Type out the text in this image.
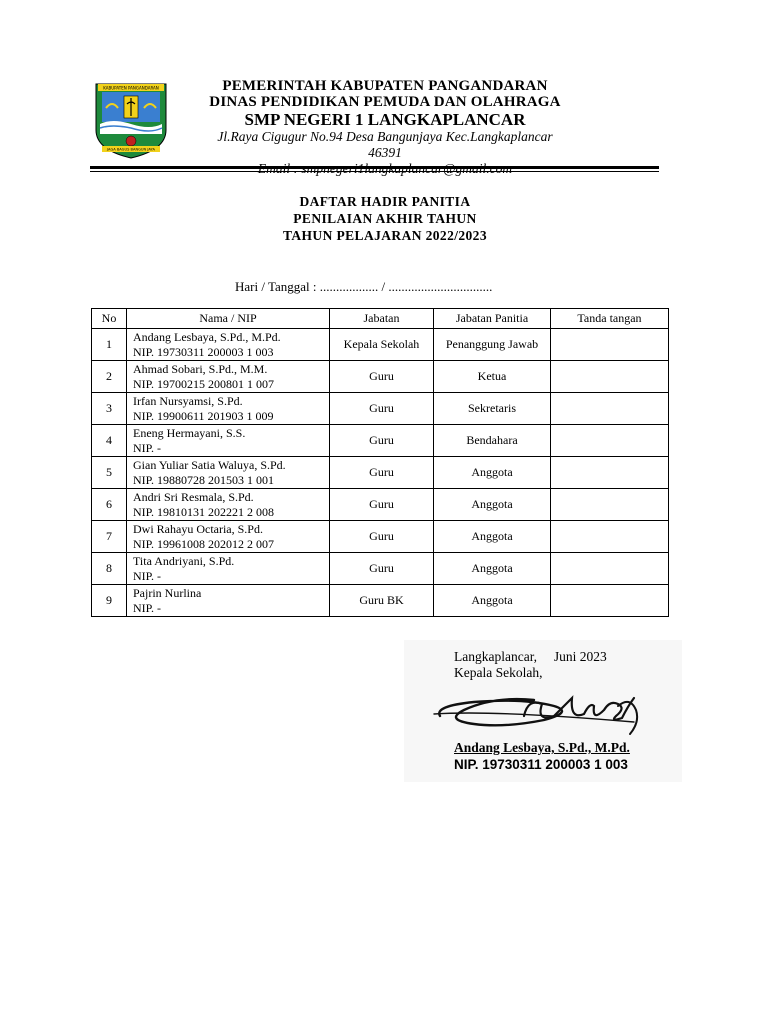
KABUPATEN PANGANDARAN
JAGA BAGUS BANGUN JAYA
PEMERINTAH KABUPATEN PANGANDARAN
DINAS PENDIDIKAN PEMUDA DAN OLAHRAGA
SMP NEGERI 1 LANGKAPLANCAR
Jl.Raya Cigugur No.94 Desa Bangunjaya Kec.Langkaplancar 46391
DAFTAR HADIR PANITIA
PENILAIAN AKHIR TAHUN
TAHUN PELAJARAN 2022/2023
Hari / Tanggal : .................. / ................................
No	Nama / NIP	Jabatan	Jabatan Panitia	Tanda tangan
1	Andang Lesbaya, S.Pd., M.Pd.
NIP. 19730311 200003 1 003	Kepala Sekolah	Penanggung Jawab	
2	Ahmad Sobari, S.Pd., M.M.
NIP. 19700215 200801 1 007	Guru	Ketua	
3	Irfan Nursyamsi, S.Pd.
NIP. 19900611 201903 1 009	Guru	Sekretaris	
4	Eneng Hermayani, S.S.
NIP. -	Guru	Bendahara	
5	Gian Yuliar Satia Waluya, S.Pd.
NIP. 19880728 201503 1 001	Guru	Anggota	
6	Andri Sri Resmala, S.Pd.
NIP. 19810131 202221 2 008	Guru	Anggota	
7	Dwi Rahayu Octaria, S.Pd.
NIP. 19961008 202012 2 007	Guru	Anggota	
8	Tita Andriyani, S.Pd.
NIP. -	Guru	Anggota	
9	Pajrin Nurlina
NIP. -	Guru BK	Anggota	
Langkaplancar,     Juni 2023
Kepala Sekolah,
Andang Lesbaya, S.Pd., M.Pd.
NIP. 19730311 200003 1 003
